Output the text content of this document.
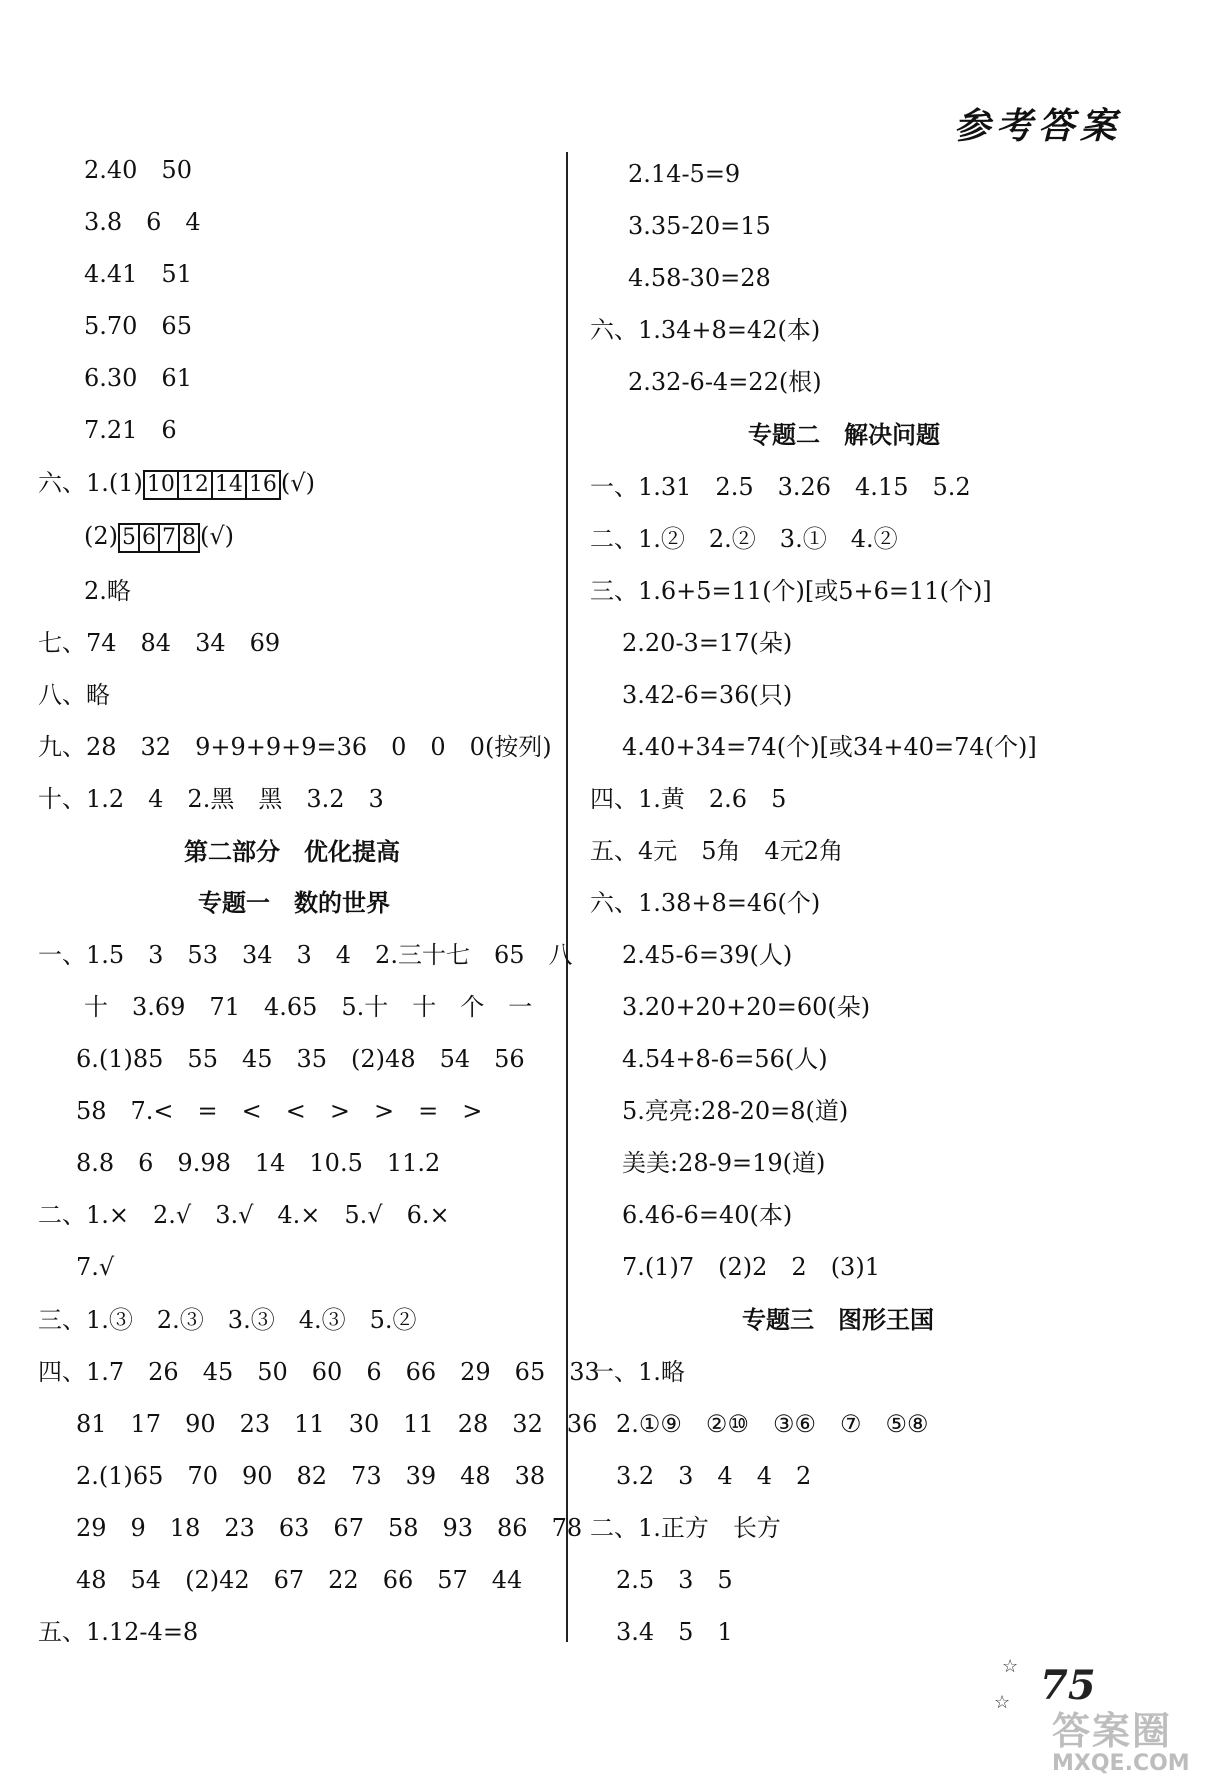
参考答案
2.40　50
3.8　6　4
4.41　51
5.70　65
6.30　61
7.21　6
六、1.(1) 10 12 14 16 (√)
(2) 5 6 7 8 (√)
2.略
七、74　84　34　69
八、略
九、28　32　9+9+9+9=36　0　0　0(按列)
十、1.2　4　2.黑　黑　3.2　3
第二部分　优化提高
专题一　数的世界
一、1.5　3　53　34　3　4　2.三十七　65　八
十　3.69　71　4.65　5.十　十　个　一
6.(1)85　55　45　35　(2)48　54　56
58　7.<　=　<　<　>　>　=　>
8.8　6　9.98　14　10.5　11.2
二、1.×　2.√　3.√　4.×　5.√　6.×
7.√
三、1.③　2.③　3.③　4.③　5.②
四、1.7　26　45　50　60　6　66　29　65　33
81　17　90　23　11　30　11　28　32　36
2.(1)65　70　90　82　73　39　48　38
29　9　18　23　63　67　58　93　86　78
48　54　(2)42　67　22　66　57　44
五、1.12-4=8
2.14-5=9
3.35-20=15
4.58-30=28
六、1.34+8=42(本)
2.32-6-4=22(根)
专题二　解决问题
一、1.31　2.5　3.26　4.15　5.2
二、1.②　2.②　3.①　4.②
三、1.6+5=11(个)[或5+6=11(个)]
2.20-3=17(朵)
3.42-6=36(只)
4.40+34=74(个)[或34+40=74(个)]
四、1.黄　2.6　5
五、4元　5角　4元2角
六、1.38+8=46(个)
2.45-6=39(人)
3.20+20+20=60(朵)
4.54+8-6=56(人)
5.亮亮:28-20=8(道)
美美:28-9=19(道)
6.46-6=40(本)
7.(1)7　(2)2　2　(3)1
专题三　图形王国
一、1.略
2.①⑨　②⑩　③⑥　⑦　⑤⑧
3.2　3　4　4　2
二、1.正方　长方
2.5　3　5
3.4　5　1
☆
☆ 75
答案圈
MXQE.COM
